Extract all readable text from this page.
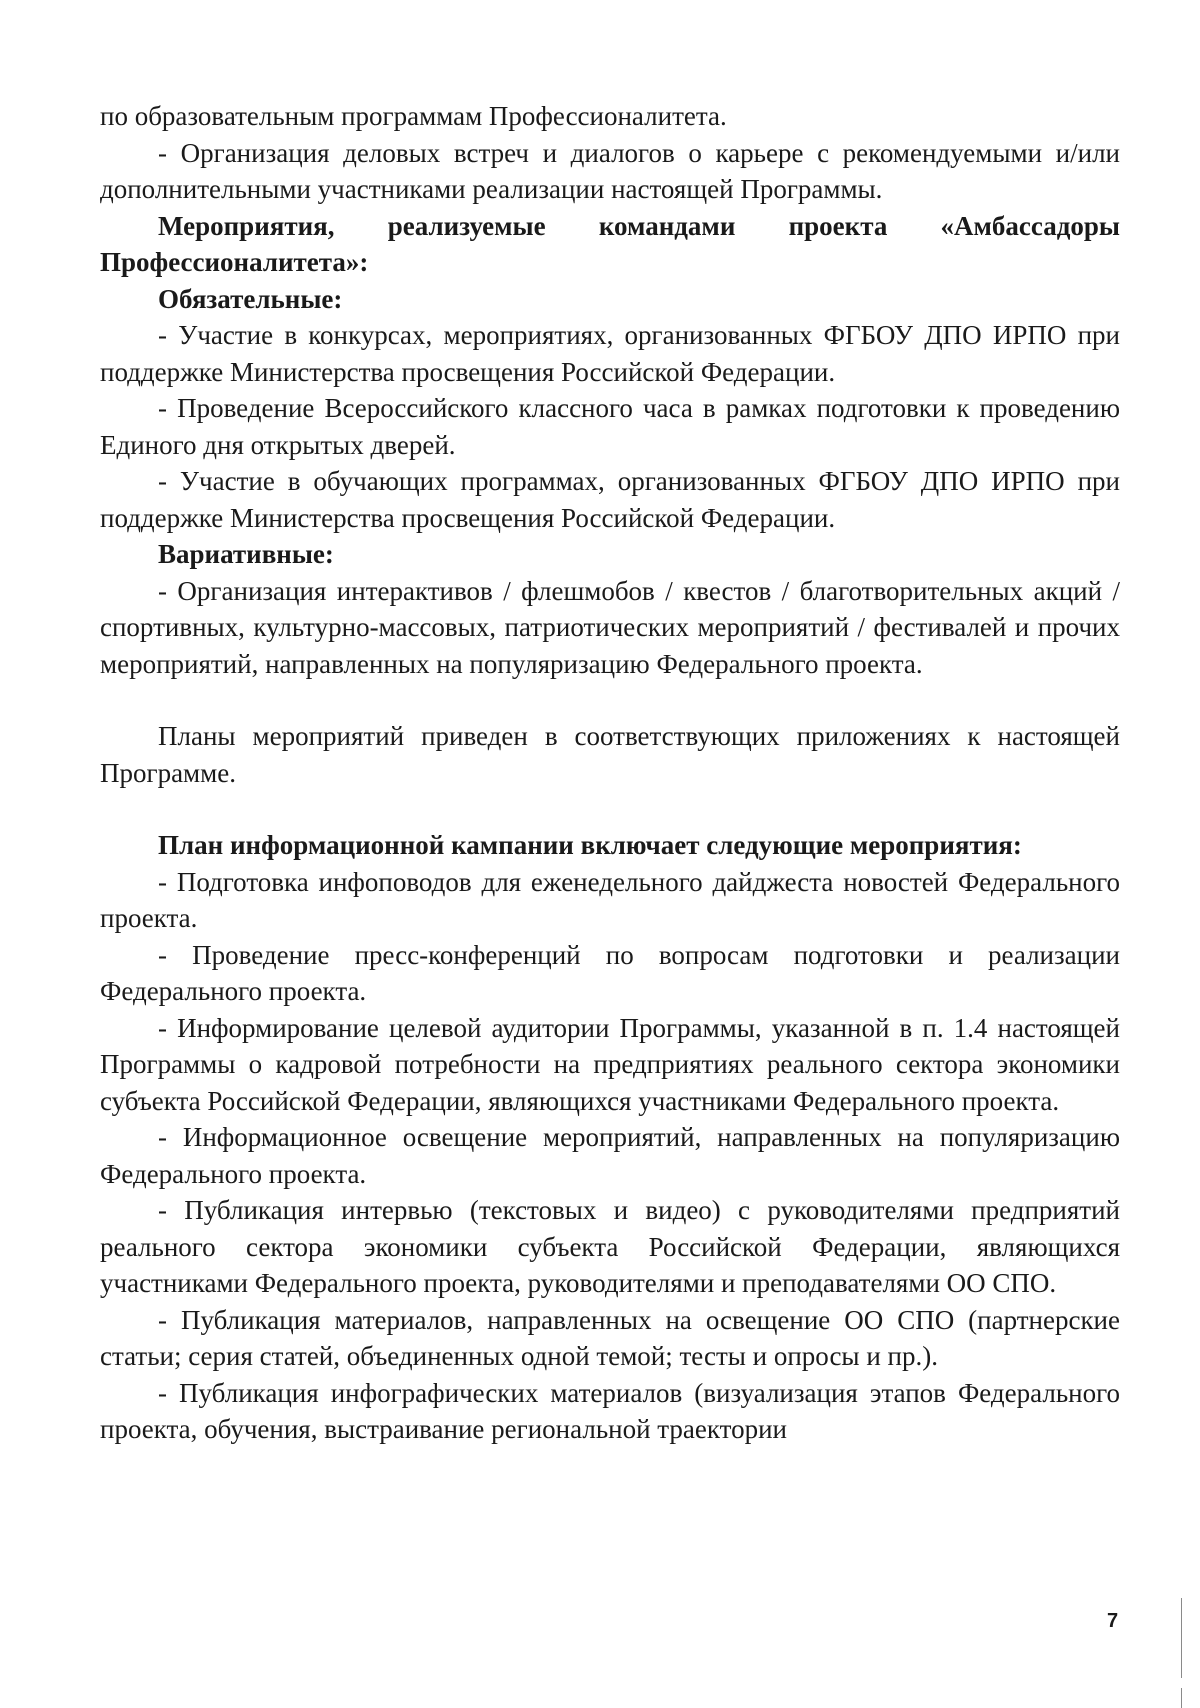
по образовательным программам Профессионалитета.

- Организация деловых встреч и диалогов о карьере с рекомендуемыми и/или дополнительными участниками реализации настоящей Программы.

Мероприятия, реализуемые командами проекта «Амбассадоры Профессионалитета»:

Обязательные:

- Участие в конкурсах, мероприятиях, организованных ФГБОУ ДПО ИРПО при поддержке Министерства просвещения Российской Федерации.

- Проведение Всероссийского классного часа в рамках подготовки к проведению Единого дня открытых дверей.

- Участие в обучающих программах, организованных ФГБОУ ДПО ИРПО при поддержке Министерства просвещения Российской Федерации.

Вариативные:

- Организация интерактивов / флешмобов / квестов / благотворительных акций / спортивных, культурно-массовых, патриотических мероприятий / фестивалей и прочих мероприятий, направленных на популяризацию Федерального проекта.

Планы мероприятий приведен в соответствующих приложениях к настоящей Программе.

План информационной кампании включает следующие мероприятия:

- Подготовка инфоповодов для еженедельного дайджеста новостей Федерального проекта.

- Проведение пресс-конференций по вопросам подготовки и реализации Федерального проекта.

- Информирование целевой аудитории Программы, указанной в п. 1.4 настоящей Программы о кадровой потребности на предприятиях реального сектора экономики субъекта Российской Федерации, являющихся участниками Федерального проекта.

- Информационное освещение мероприятий, направленных на популяризацию Федерального проекта.

- Публикация интервью (текстовых и видео) с руководителями предприятий реального сектора экономики субъекта Российской Федерации, являющихся участниками Федерального проекта, руководителями и преподавателями ОО СПО.

- Публикация материалов, направленных на освещение ОО СПО (партнерские статьи; серия статей, объединенных одной темой; тесты и опросы и пр.).

- Публикация инфографических материалов (визуализация этапов Федерального проекта, обучения, выстраивание региональной траектории

7
